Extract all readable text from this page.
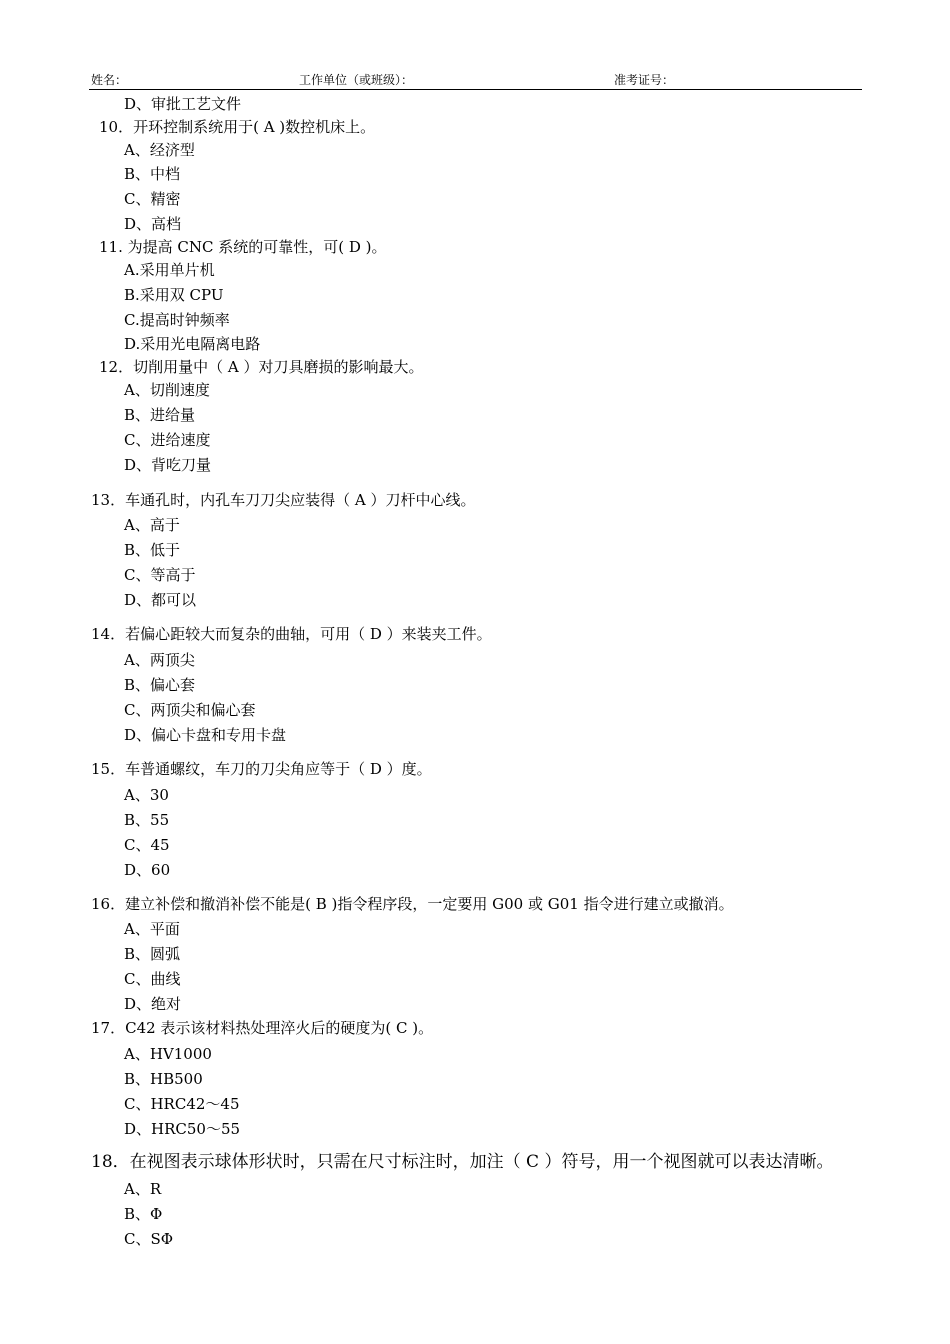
姓名：	工作单位（或班级）：	准考证号：
D、审批工艺文件
10．开环控制系统用于( A )数控机床上。
A、经济型
B、中档
C、精密
D、高档
11. 为提高 CNC 系统的可靠性，可( D )。
A.采用单片机
B.采用双 CPU
C.提高时钟频率
D.采用光电隔离电路
12．切削用量中（ A ）对刀具磨损的影响最大。
A、切削速度
B、进给量
C、进给速度
D、背吃刀量
13．车通孔时，内孔车刀刀尖应装得（ A ）刀杆中心线。
A、高于
B、低于
C、等高于
D、都可以
14．若偏心距较大而复杂的曲轴，可用（ D ）来装夹工件。
A、两顶尖
B、偏心套
C、两顶尖和偏心套
D、偏心卡盘和专用卡盘
15．车普通螺纹，车刀的刀尖角应等于（ D ）度。
A、30
B、55
C、45
D、60
16．建立补偿和撤消补偿不能是( B )指令程序段，一定要用 G00 或 G01 指令进行建立或撤消。
A、平面
B、圆弧
C、曲线
D、绝对
17．C42 表示该材料热处理淬火后的硬度为( C )。
A、HV1000
B、HB500
C、HRC42～45
D、HRC50～55
18．在视图表示球体形状时，只需在尺寸标注时，加注（ C ）符号，用一个视图就可以表达清晰。
A、R
B、Φ
C、SΦ
